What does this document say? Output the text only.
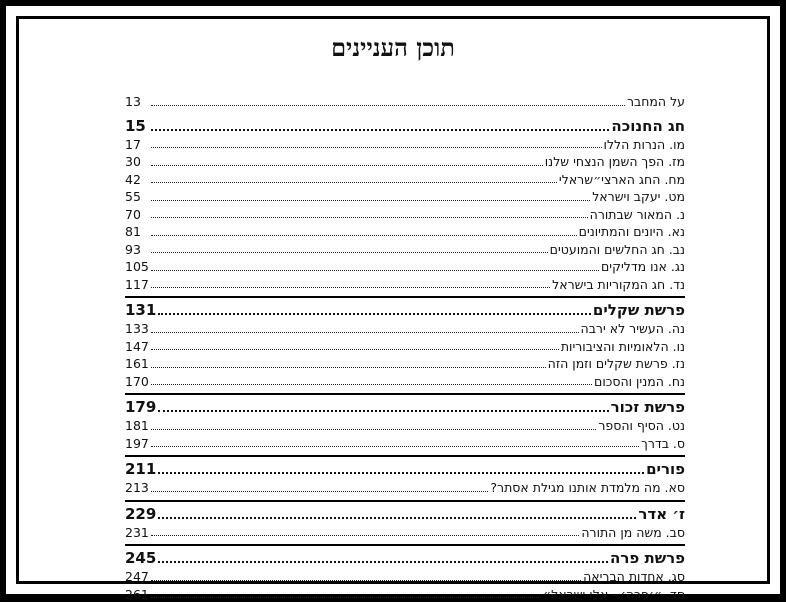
תוכן העניינים
על המחבר
13
חג החנוכה
15
מו. הנרות הללו
17
מז. הפך השמן הנצחי שלנו
30
מח. החג הארצי״שראלי
42
מט. יעקב וישראל
55
נ. המאור שבתורה
70
נא. היונים והמתיונים
81
נב. חג החלשים והמועטים
93
נג. אנו מדליקים
105
נד. חג המקוריות בישראל
117
פרשת שקלים
131
נה. העשיר לא ירבה
133
נו. הלאומיות והציבוריות
147
נז. פרשת שקלים וזמן הזה
161
נח. המנין והסכום
170
פרשת זכור
179
נט. הסיף והספר
181
ס. בדרך
197
פורים
211
סא. מה מלמדת אותנו מגילת אסתר?
213
ז׳ אדר
229
סב. משה מן התורה
231
פרשת פרה
245
סג. אחדות הבריאה
247
סד. ״׳פרה׳ - אלו ישראל״
261
